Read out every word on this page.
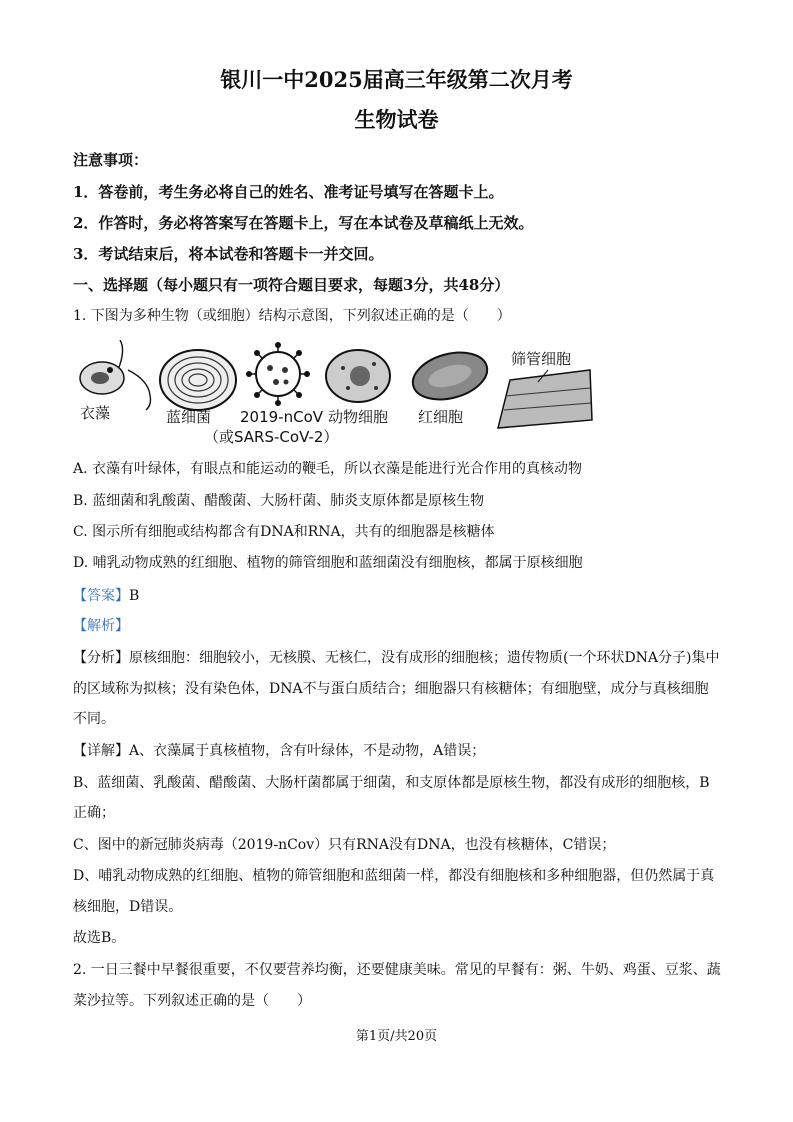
银川一中2025届高三年级第二次月考
生物试卷
注意事项：
1．答卷前，考生务必将自己的姓名、准考证号填写在答题卡上。
2．作答时，务必将答案写在答题卡上，写在本试卷及草稿纸上无效。
3．考试结束后，将本试卷和答题卡一并交回。
一、选择题（每小题只有一项符合题目要求，每题3分，共48分）
1. 下图为多种生物（或细胞）结构示意图，下列叙述正确的是（　　）
筛管细胞
衣藻	蓝细菌 2019-nCoV
（或SARS-CoV-2）
动物细胞 红细胞
A. 衣藻有叶绿体，有眼点和能运动的鞭毛，所以衣藻是能进行光合作用的真核动物
B. 蓝细菌和乳酸菌、醋酸菌、大肠杆菌、肺炎支原体都是原核生物
C. 图示所有细胞或结构都含有DNA和RNA，共有的细胞器是核糖体
D. 哺乳动物成熟的红细胞、植物的筛管细胞和蓝细菌没有细胞核，都属于原核细胞
【答案】B
【解析】
【分析】原核细胞：细胞较小，无核膜、无核仁，没有成形的细胞核；遗传物质(一个环状DNA分子)集中
的区域称为拟核；没有染色体，DNA不与蛋白质结合；细胞器只有核糖体；有细胞壁，成分与真核细胞
不同。
【详解】A、衣藻属于真核植物，含有叶绿体，不是动物，A错误；
B、蓝细菌、乳酸菌、醋酸菌、大肠杆菌都属于细菌，和支原体都是原核生物，都没有成形的细胞核，B
正确；
C、图中的新冠肺炎病毒（2019-nCov）只有RNA没有DNA，也没有核糖体，C错误；
D、哺乳动物成熟的红细胞、植物的筛管细胞和蓝细菌一样，都没有细胞核和多种细胞器，但仍然属于真
核细胞，D错误。
故选B。
2. 一日三餐中早餐很重要，不仅要营养均衡，还要健康美味。常见的早餐有：粥、牛奶、鸡蛋、豆浆、蔬
菜沙拉等。下列叙述正确的是（　　）
第1页/共20页
